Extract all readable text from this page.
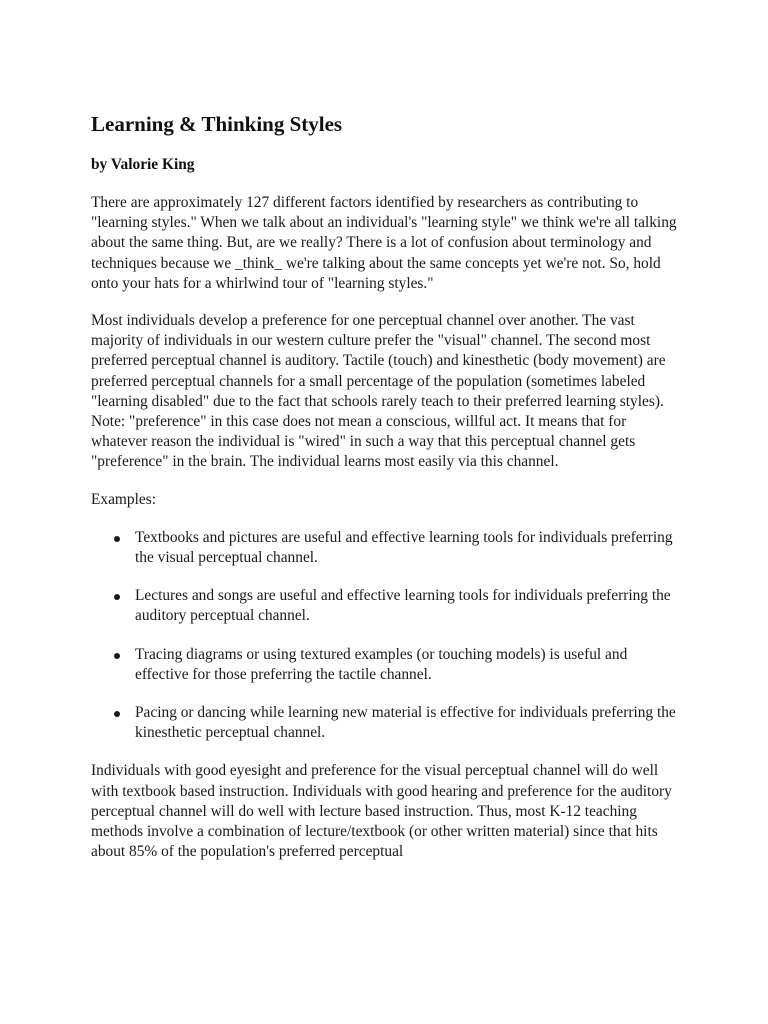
Learning & Thinking Styles

by Valorie King

There are approximately 127 different factors identified by researchers as contributing to "learning styles." When we talk about an individual's "learning style" we think we're all talking about the same thing. But, are we really? There is a lot of confusion about terminology and techniques because we _think_ we're talking about the same concepts yet we're not. So, hold onto your hats for a whirlwind tour of "learning styles."

Most individuals develop a preference for one perceptual channel over another. The vast majority of individuals in our western culture prefer the "visual" channel. The second most preferred perceptual channel is auditory. Tactile (touch) and kinesthetic (body movement) are preferred perceptual channels for a small percentage of the population (sometimes labeled "learning disabled" due to the fact that schools rarely teach to their preferred learning styles). Note: "preference" in this case does not mean a conscious, willful act. It means that for whatever reason the individual is "wired" in such a way that this perceptual channel gets "preference" in the brain. The individual learns most easily via this channel.

Examples:

Textbooks and pictures are useful and effective learning tools for individuals preferring the visual perceptual channel.
Lectures and songs are useful and effective learning tools for individuals preferring the auditory perceptual channel.
Tracing diagrams or using textured examples (or touching models) is useful and effective for those preferring the tactile channel.
Pacing or dancing while learning new material is effective for individuals preferring the kinesthetic perceptual channel.

Individuals with good eyesight and preference for the visual perceptual channel will do well with textbook based instruction. Individuals with good hearing and preference for the auditory perceptual channel will do well with lecture based instruction. Thus, most K-12 teaching methods involve a combination of lecture/textbook (or other written material) since that hits about 85% of the population's preferred perceptual
